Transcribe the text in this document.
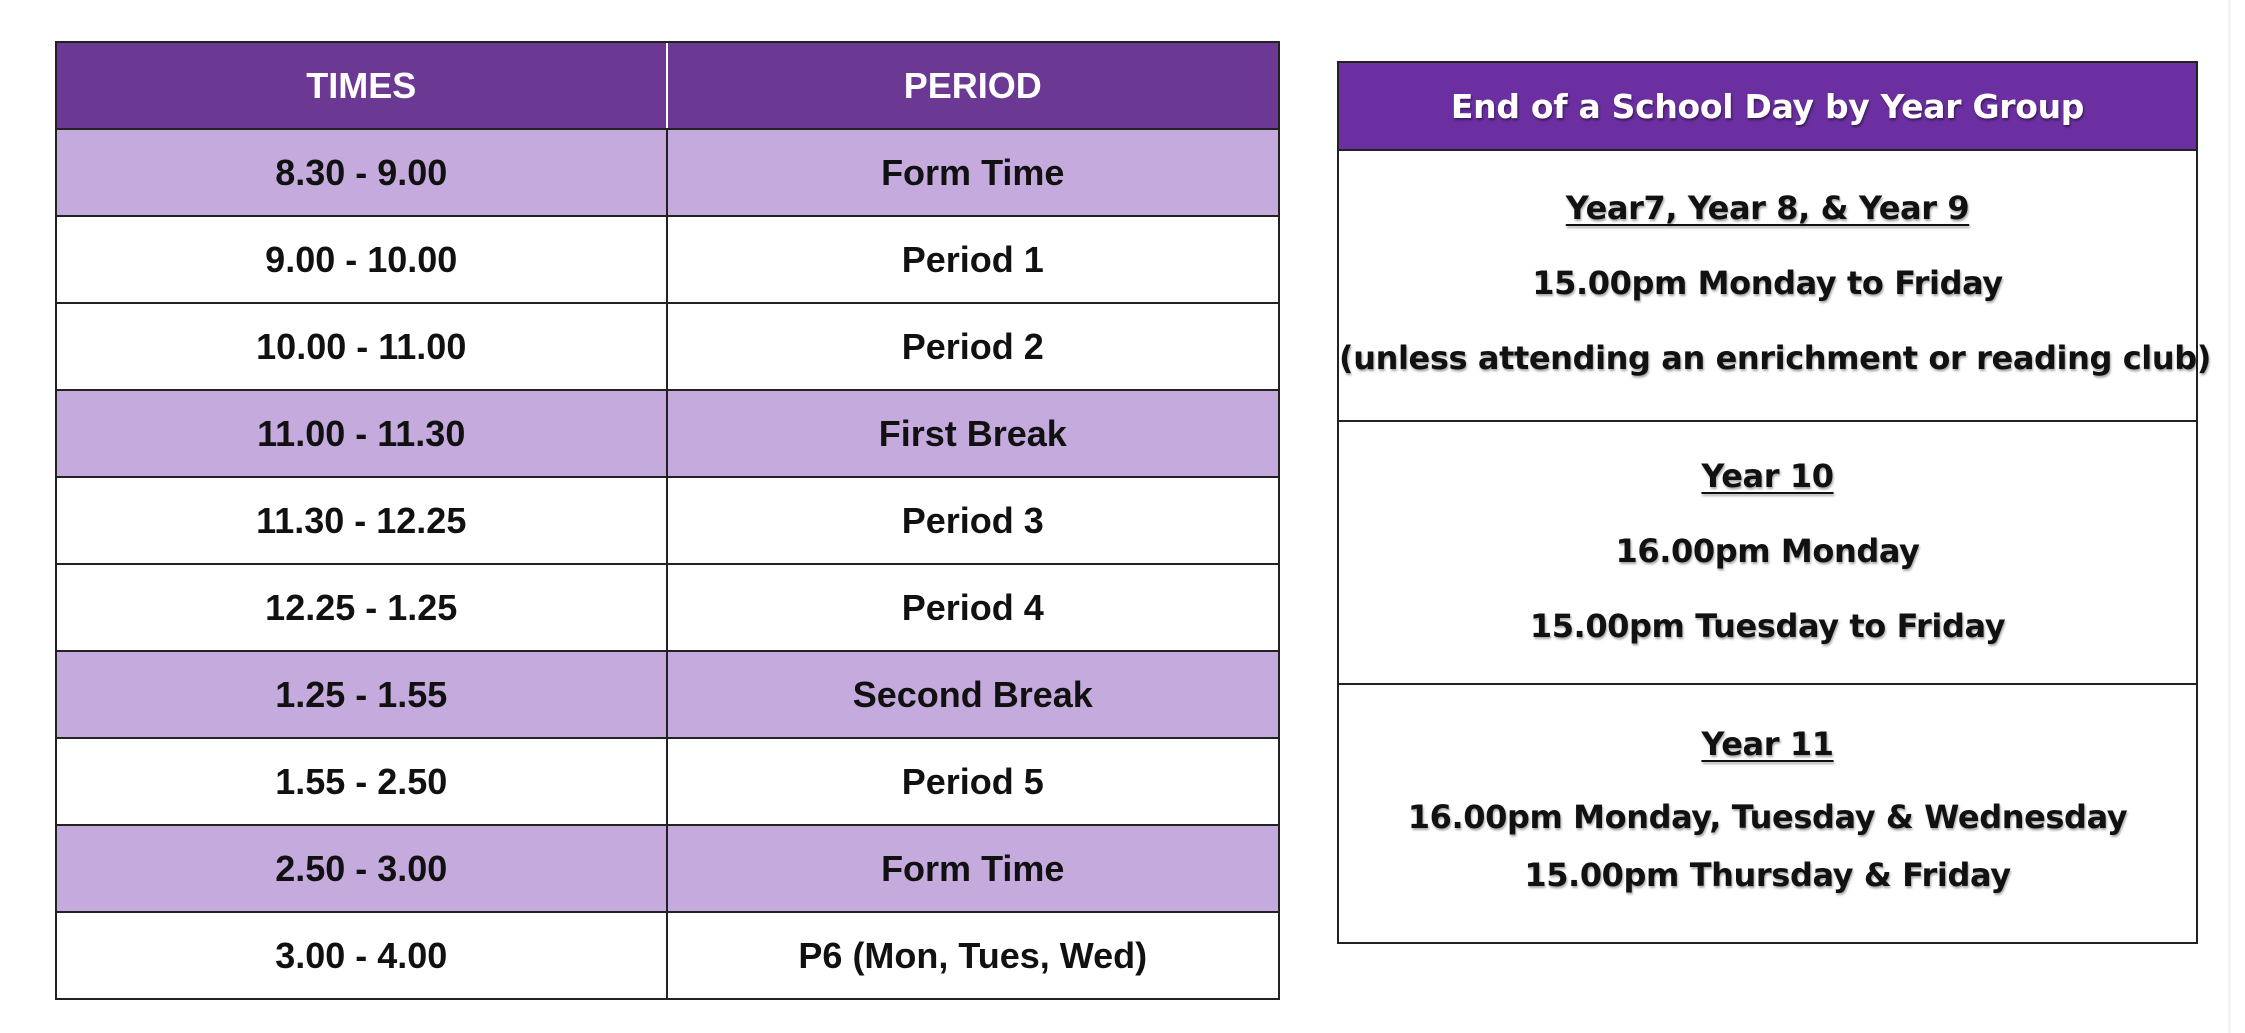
TIMES	PERIOD
8.30 - 9.00	Form Time
9.00 - 10.00	Period 1
10.00 - 11.00	Period 2
11.00 - 11.30	First Break
11.30 - 12.25	Period 3
12.25 - 1.25	Period 4
1.25 - 1.55	Second Break
1.55 - 2.50	Period 5
2.50 - 3.00	Form Time
3.00 - 4.00	P6 (Mon, Tues, Wed)
End of a School Day by Year Group
Year7, Year 8, & Year 9
15.00pm Monday to Friday
(unless attending an enrichment or reading club)
Year 10
16.00pm Monday
15.00pm Tuesday to Friday
Year 11
16.00pm Monday, Tuesday & Wednesday
15.00pm Thursday & Friday
